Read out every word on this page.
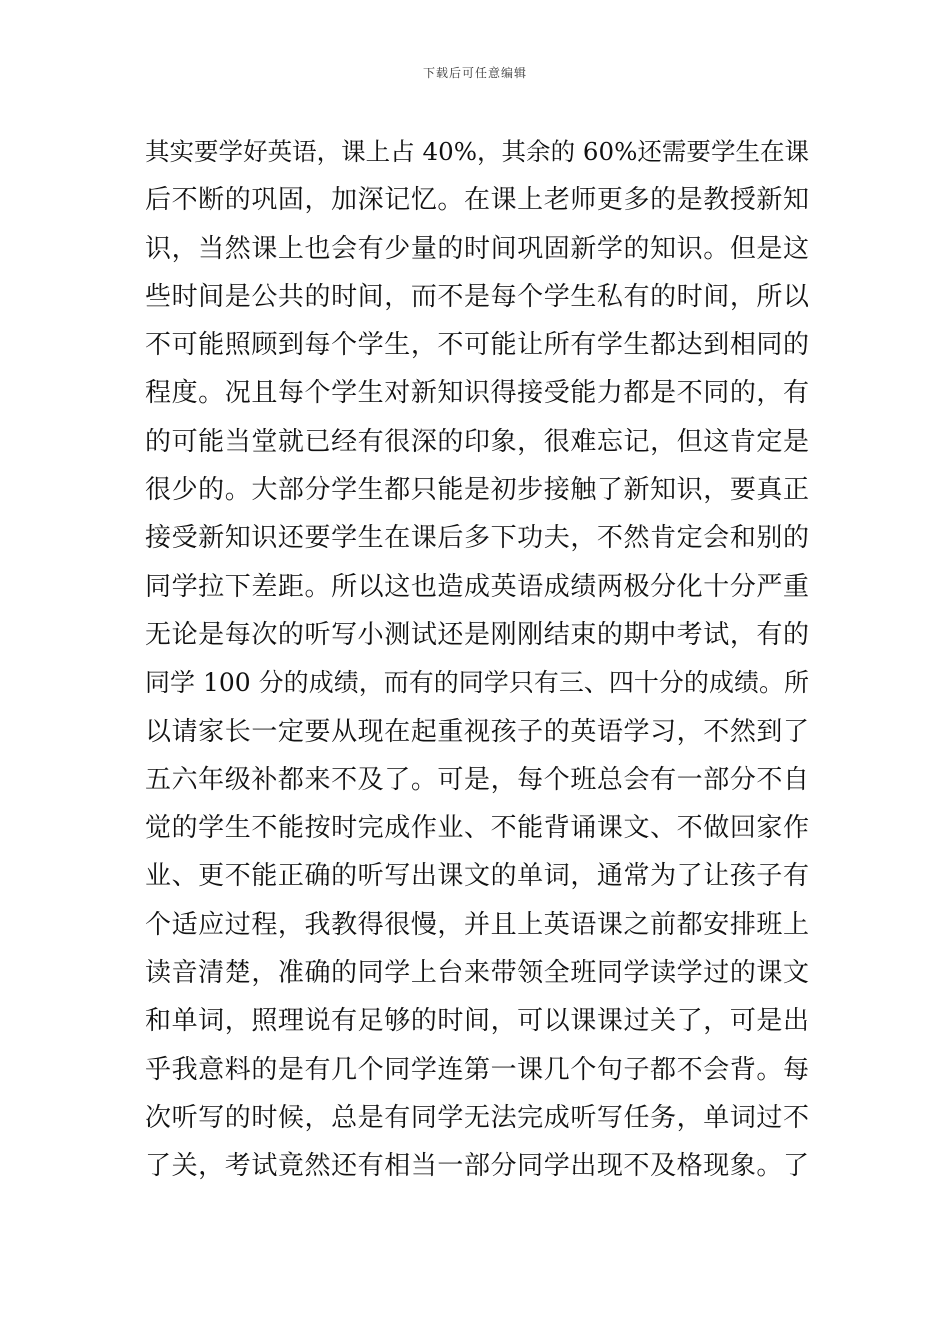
下载后可任意编辑
其实要学好英语，课上占 40%，其余的 60%还需要学生在课
后不断的巩固，加深记忆。在课上老师更多的是教授新知
识，当然课上也会有少量的时间巩固新学的知识。但是这
些时间是公共的时间，而不是每个学生私有的时间，所以
不可能照顾到每个学生，不可能让所有学生都达到相同的
程度。况且每个学生对新知识得接受能力都是不同的，有
的可能当堂就已经有很深的印象，很难忘记，但这肯定是
很少的。大部分学生都只能是初步接触了新知识，要真正
接受新知识还要学生在课后多下功夫，不然肯定会和别的
同学拉下差距。所以这也造成英语成绩两极分化十分严重
无论是每次的听写小测试还是刚刚结束的期中考试，有的
同学 100 分的成绩，而有的同学只有三、四十分的成绩。所
以请家长一定要从现在起重视孩子的英语学习，不然到了
五六年级补都来不及了。可是，每个班总会有一部分不自
觉的学生不能按时完成作业、不能背诵课文、不做回家作
业、更不能正确的听写出课文的单词，通常为了让孩子有
个适应过程，我教得很慢，并且上英语课之前都安排班上
读音清楚，准确的同学上台来带领全班同学读学过的课文
和单词，照理说有足够的时间，可以课课过关了，可是出
乎我意料的是有几个同学连第一课几个句子都不会背。每
次听写的时候，总是有同学无法完成听写任务，单词过不
了关，考试竟然还有相当一部分同学出现不及格现象。了
